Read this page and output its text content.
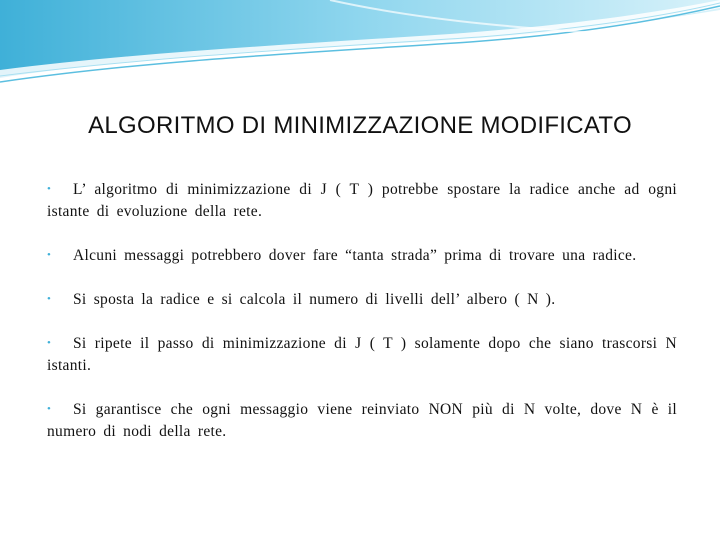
ALGORITMO DI MINIMIZZAZIONE MODIFICATO
• L’ algoritmo di minimizzazione di J ( T ) potrebbe spostare la radice anche ad ogni istante di evoluzione della rete.
• Alcuni messaggi potrebbero dover fare “tanta strada” prima di trovare una radice.
• Si sposta la radice e si calcola il numero di livelli dell’ albero ( N ).
• Si ripete il passo di minimizzazione di J ( T ) solamente dopo che siano trascorsi N istanti.
• Si garantisce che ogni messaggio viene reinviato NON più di N volte, dove N è il numero di nodi della rete.
